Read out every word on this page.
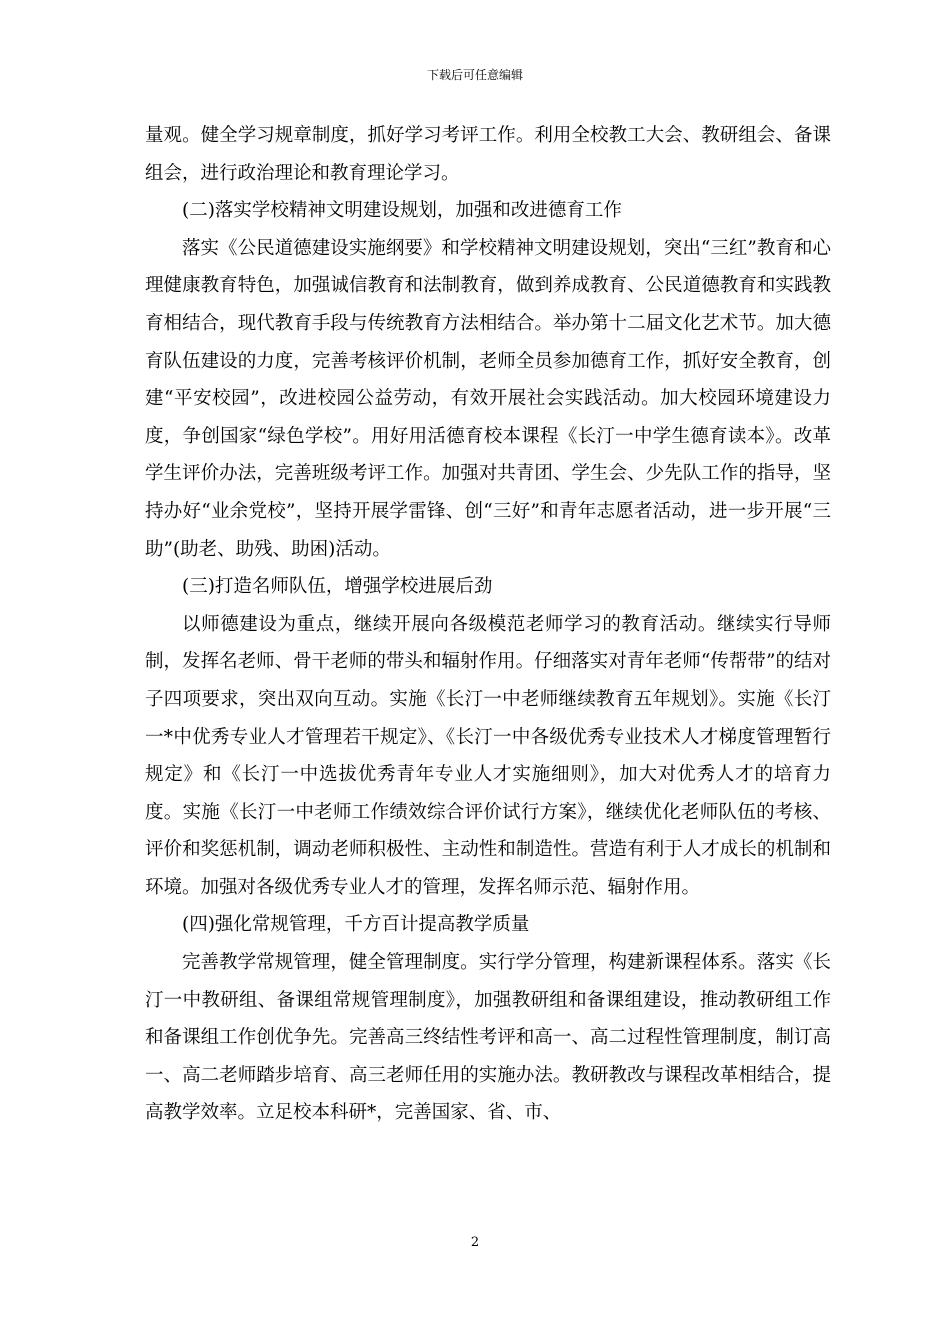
下载后可任意编辑

量观。健全学习规章制度，抓好学习考评工作。利用全校教工大会、教研组会、备课组会，进行政治理论和教育理论学习。

(二)落实学校精神文明建设规划，加强和改进德育工作

落实《公民道德建设实施纲要》和学校精神文明建设规划，突出“三红”教育和心理健康教育特色，加强诚信教育和法制教育，做到养成教育、公民道德教育和实践教育相结合，现代教育手段与传统教育方法相结合。举办第十二届文化艺术节。加大德育队伍建设的力度，完善考核评价机制，老师全员参加德育工作，抓好安全教育，创建“平安校园”，改进校园公益劳动，有效开展社会实践活动。加大校园环境建设力度，争创国家“绿色学校”。用好用活德育校本课程《长汀一中学生德育读本》。改革学生评价办法，完善班级考评工作。加强对共青团、学生会、少先队工作的指导，坚持办好“业余党校”，坚持开展学雷锋、创“三好”和青年志愿者活动，进一步开展“三助”(助老、助残、助困)活动。

(三)打造名师队伍，增强学校进展后劲

以师德建设为重点，继续开展向各级模范老师学习的教育活动。继续实行导师制，发挥名老师、骨干老师的带头和辐射作用。仔细落实对青年老师“传帮带”的结对子四项要求，突出双向互动。实施《长汀一中老师继续教育五年规划》。实施《长汀一*中优秀专业人才管理若干规定》、《长汀一中各级优秀专业技术人才梯度管理暂行规定》和《长汀一中选拔优秀青年专业人才实施细则》，加大对优秀人才的培育力度。实施《长汀一中老师工作绩效综合评价试行方案》，继续优化老师队伍的考核、评价和奖惩机制，调动老师积极性、主动性和制造性。营造有利于人才成长的机制和环境。加强对各级优秀专业人才的管理，发挥名师示范、辐射作用。

(四)强化常规管理，千方百计提高教学质量

完善教学常规管理，健全管理制度。实行学分管理，构建新课程体系。落实《长汀一中教研组、备课组常规管理制度》，加强教研组和备课组建设，推动教研组工作和备课组工作创优争先。完善高三终结性考评和高一、高二过程性管理制度，制订高一、高二老师踏步培育、高三老师任用的实施办法。教研教改与课程改革相结合，提高教学效率。立足校本科研*，完善国家、省、市、

2
